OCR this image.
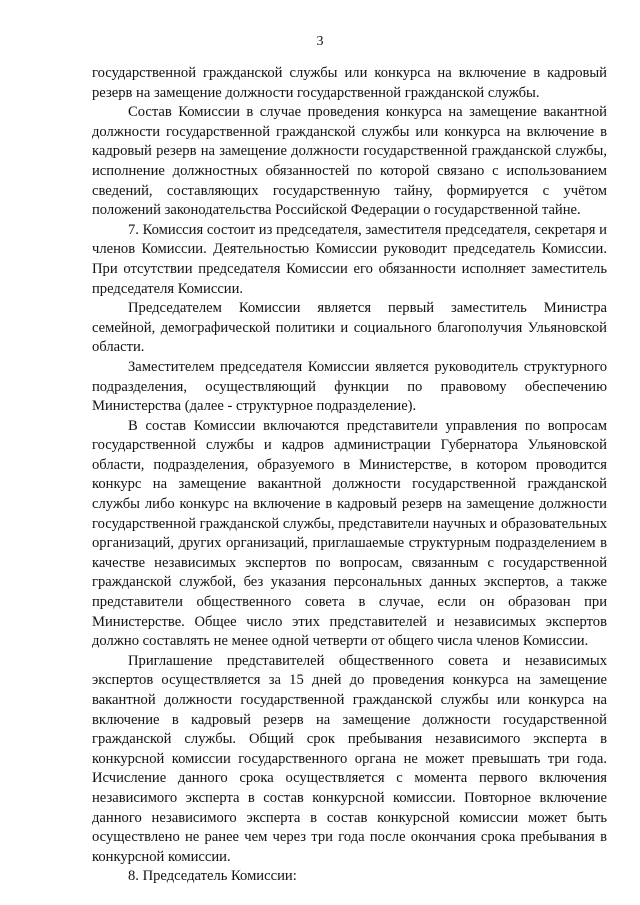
3

государственной гражданской службы или конкурса на включение в кадровый резерв на замещение должности государственной гражданской службы.

Состав Комиссии в случае проведения конкурса на замещение вакантной должности государственной гражданской службы или конкурса на включение в кадровый резерв на замещение должности государственной гражданской службы, исполнение должностных обязанностей по которой связано с использованием сведений, составляющих государственную тайну, формируется с учётом положений законодательства Российской Федерации о государственной тайне.

7. Комиссия состоит из председателя, заместителя председателя, секретаря и членов Комиссии. Деятельностью Комиссии руководит председатель Комиссии. При отсутствии председателя Комиссии его обязанности исполняет заместитель председателя Комиссии.

Председателем Комиссии является первый заместитель Министра семейной, демографической политики и социального благополучия Ульяновской области.

Заместителем председателя Комиссии является руководитель структурного подразделения, осуществляющий функции по правовому обеспечению Министерства (далее - структурное подразделение).

В состав Комиссии включаются представители управления по вопросам государственной службы и кадров администрации Губернатора Ульяновской области, подразделения, образуемого в Министерстве, в котором проводится конкурс на замещение вакантной должности государственной гражданской службы либо конкурс на включение в кадровый резерв на замещение должности государственной гражданской службы, представители научных и образовательных организаций, других организаций, приглашаемые структурным подразделением в качестве независимых экспертов по вопросам, связанным с государственной гражданской службой, без указания персональных данных экспертов, а также представители общественного совета в случае, если он образован при Министерстве. Общее число этих представителей и независимых экспертов должно составлять не менее одной четверти от общего числа членов Комиссии.

Приглашение представителей общественного совета и независимых экспертов осуществляется за 15 дней до проведения конкурса на замещение вакантной должности государственной гражданской службы или конкурса на включение в кадровый резерв на замещение должности государственной гражданской службы. Общий срок пребывания независимого эксперта в конкурсной комиссии государственного органа не может превышать три года. Исчисление данного срока осуществляется с момента первого включения независимого эксперта в состав конкурсной комиссии. Повторное включение данного независимого эксперта в состав конкурсной комиссии может быть осуществлено не ранее чем через три года после окончания срока пребывания в конкурсной комиссии.

8. Председатель Комиссии:
